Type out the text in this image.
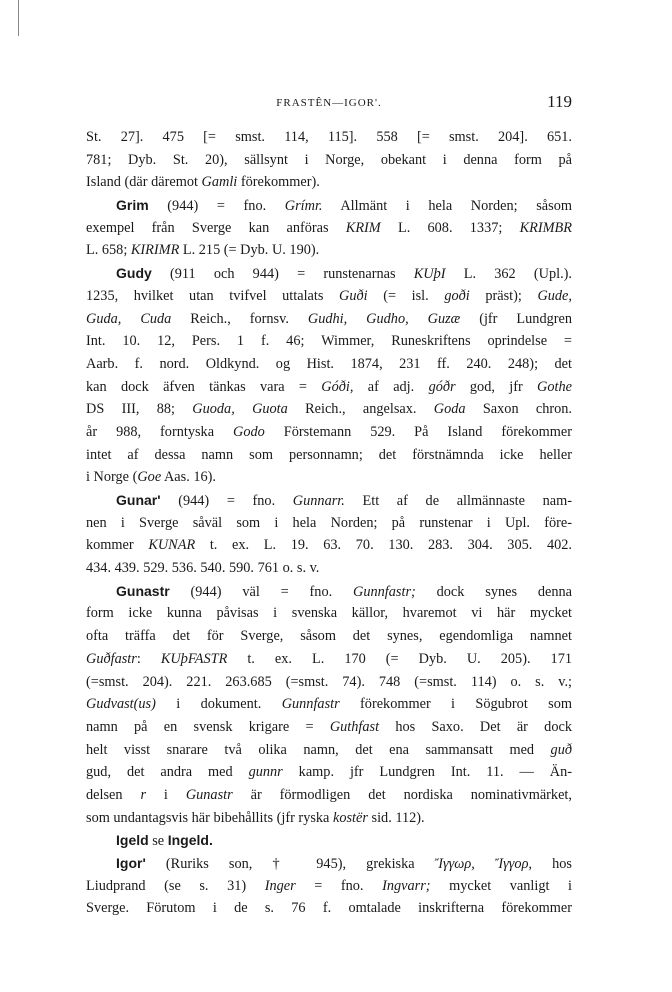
FRASTÊN—IGOR'.	119
St. 27]. 475 [= smst. 114, 115]. 558 [= smst. 204]. 651.
781; Dyb. St. 20), sällsynt i Norge, obekant i denna form på
Island (där däremot Gamli förekommer).
Grim (944) = fno. Grímr. Allmänt i hela Norden; såsom
exempel från Sverge kan anföras KRIM L. 608. 1337; KRIMBR
L. 658; KIRIMR L. 215 (= Dyb. U. 190).
Gudy (911 och 944) = runstenarnas KUþI L. 362 (Upl.).
1235, hvilket utan tvifvel uttalats Guði (= isl. goði präst); Gude,
Guda, Cuda Reich., fornsv. Gudhi, Gudho, Guzæ (jfr Lundgren
Int. 10. 12, Pers. 1 f. 46; Wimmer, Runeskriftens oprindelse =
Aarb. f. nord. Oldkynd. og Hist. 1874, 231 ff. 240. 248); det
kan dock äfven tänkas vara = Góði, af adj. góðr god, jfr Gothe
DS III, 88; Guoda, Guota Reich., angelsax. Goda Saxon chron.
år 988, forntyska Godo Förstemann 529. På Island förekommer
intet af dessa namn som personnamn; det förstnämnda icke heller
i Norge (Goe Aas. 16).
Gunar' (944) = fno. Gunnarr. Ett af de allmännaste nam-
nen i Sverge såväl som i hela Norden; på runstenar i Upl. före-
kommer KUNAR t. ex. L. 19. 63. 70. 130. 283. 304. 305. 402.
434. 439. 529. 536. 540. 590. 761 o. s. v.
Gunastr (944) väl = fno. Gunnfastr; dock synes denna
form icke kunna påvisas i svenska källor, hvaremot vi här mycket
ofta träffa det för Sverge, såsom det synes, egendomliga namnet
Guðfastr: KUþFASTR t. ex. L. 170 (= Dyb. U. 205). 171
(=smst. 204). 221. 263.685 (=smst. 74). 748 (=smst. 114) o. s. v.;
Gudvast(us) i dokument. Gunnfastr förekommer i Sögubrot som
namn på en svensk krigare = Guthfast hos Saxo. Det är dock
helt visst snarare två olika namn, det ena sammansatt med guð
gud, det andra med gunnr kamp. jfr Lundgren Int. 11. — Än-
delsen r i Gunastr är förmodligen det nordiska nominativmärket,
som undantagsvis här bibehållits (jfr ryska kostër sid. 112).
Igeld se Ingeld.
Igor' (Ruriks son, † 945), grekiska Ἴγγωρ, Ἴγγορ, hos
Liudprand (se s. 31) Inger = fno. Ingvarr; mycket vanligt i
Sverge. Förutom i de s. 76 f. omtalade inskrifterna förekommer
